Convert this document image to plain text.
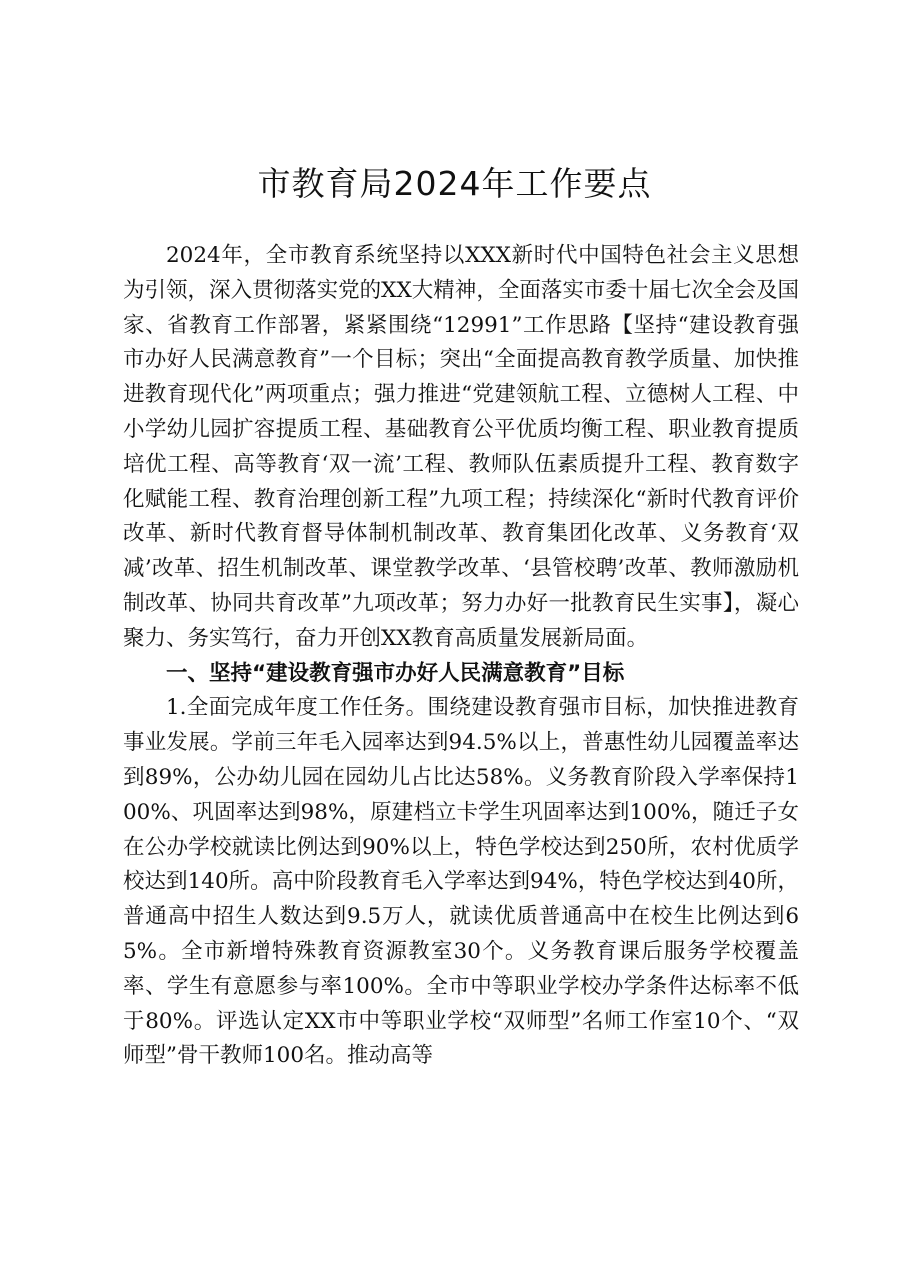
市教育局2024年工作要点

2024年，全市教育系统坚持以XXX新时代中国特色社会主义思想为引领，深入贯彻落实党的XX大精神，全面落实市委十届七次全会及国家、省教育工作部署，紧紧围绕“12991”工作思路【坚持“建设教育强市办好人民满意教育”一个目标；突出“全面提高教育教学质量、加快推进教育现代化”两项重点；强力推进“党建领航工程、立德树人工程、中小学幼儿园扩容提质工程、基础教育公平优质均衡工程、职业教育提质培优工程、高等教育‘双一流’工程、教师队伍素质提升工程、教育数字化赋能工程、教育治理创新工程”九项工程；持续深化“新时代教育评价改革、新时代教育督导体制机制改革、教育集团化改革、义务教育‘双减’改革、招生机制改革、课堂教学改革、‘县管校聘’改革、教师激励机制改革、协同共育改革”九项改革；努力办好一批教育民生实事】，凝心聚力、务实笃行，奋力开创XX教育高质量发展新局面。

一、坚持“建设教育强市办好人民满意教育”目标

1.全面完成年度工作任务。围绕建设教育强市目标，加快推进教育事业发展。学前三年毛入园率达到94.5%以上，普惠性幼儿园覆盖率达到89%，公办幼儿园在园幼儿占比达58%。义务教育阶段入学率保持100%、巩固率达到98%，原建档立卡学生巩固率达到100%，随迁子女在公办学校就读比例达到90%以上，特色学校达到250所，农村优质学校达到140所。高中阶段教育毛入学率达到94%，特色学校达到40所，普通高中招生人数达到9.5万人，就读优质普通高中在校生比例达到65%。全市新增特殊教育资源教室30个。义务教育课后服务学校覆盖率、学生有意愿参与率100%。全市中等职业学校办学条件达标率不低于80%。评选认定XX市中等职业学校“双师型”名师工作室10个、“双师型”骨干教师100名。推动高等
